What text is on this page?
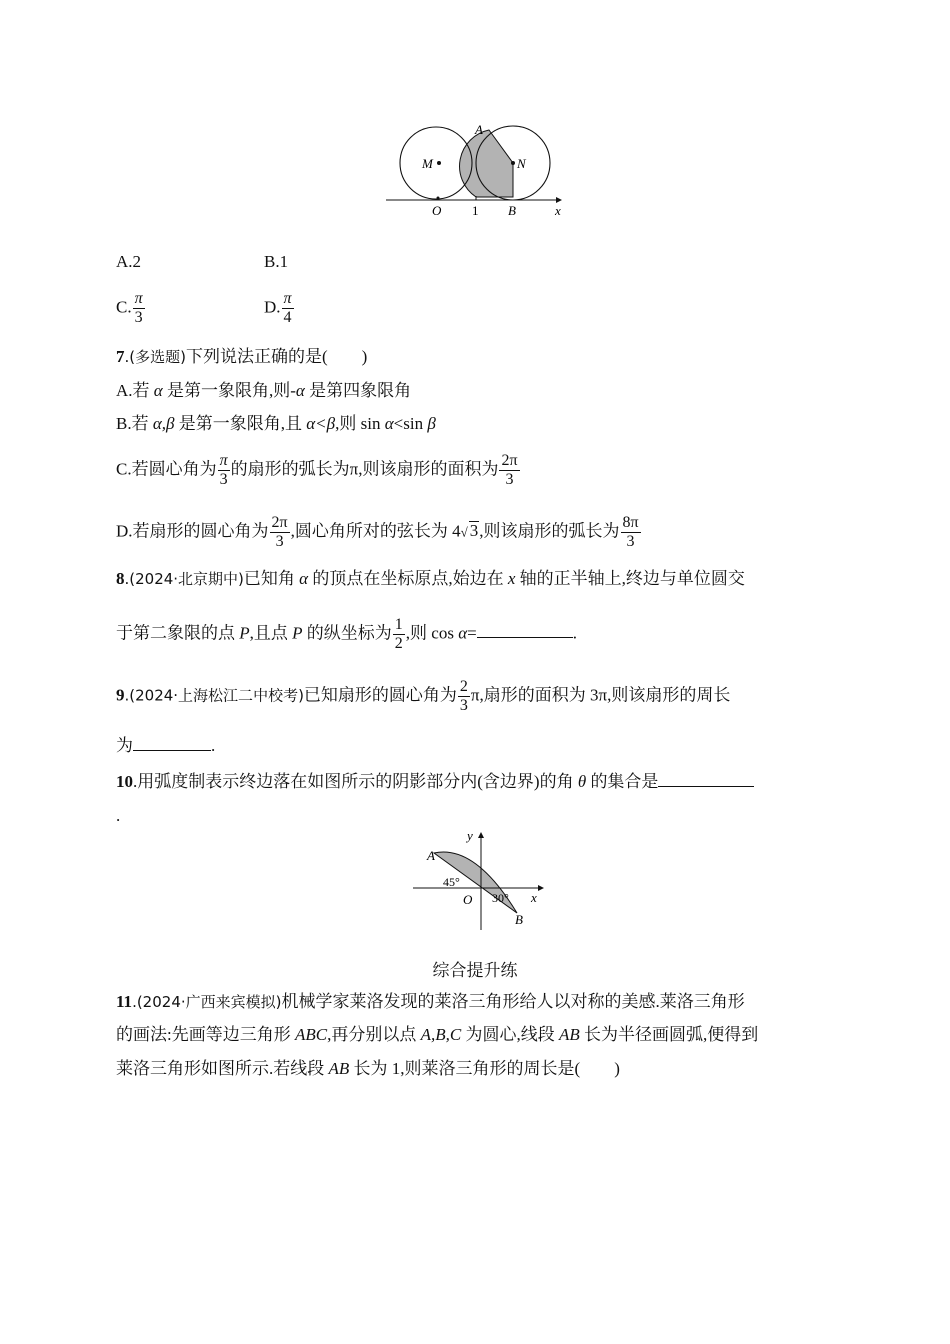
A
M	N
O 1 B	x
A.2	B.1
C. $\frac{\pi}{3}$	D. $\frac{\pi}{4}$
7.(多选题)下列说法正确的是(　　)
A.若 α 是第一象限角,则-α 是第四象限角
B.若 α,β 是第一象限角,且 α<β,则 sin α<sin β
C.若圆心角为 $\frac{\pi}{3}$ 的扇形的弧长为π,则该扇形的面积为 $\frac{2\pi}{3}$
D.若扇形的圆心角为 $\frac{2\pi}{3}$ ,圆心角所对的弦长为 4√ 3,则该扇形的弧长为 $\frac{8\pi}{3}$
8.(2024·北京期中)已知角 α 的顶点在坐标原点,始边在 x 轴的正半轴上,终边与单位圆交
于第二象限的点 P,且点 P 的纵坐标为 $\frac{1}{2}$ ,则 cos α=	.
9.(2024·上海松江二中校考)已知扇形的圆心角为 $\frac{2}{3} \pi$,扇形的面积为 3π,则该扇形的周长
为	.
10.用弧度制表示终边落在如图所示的阴影部分内(含边界)的角 θ 的集合是
.
y
A
45°
O 30° x
B
综合提升练
11.(2024·广西来宾模拟)机械学家莱洛发现的莱洛三角形给人以对称的美感.莱洛三角形
的画法:先画等边三角形 ABC,再分别以点 A,B,C 为圆心,线段 AB 长为半径画圆弧,便得到
莱洛三角形如图所示.若线段 AB 长为 1,则莱洛三角形的周长是(　　)
